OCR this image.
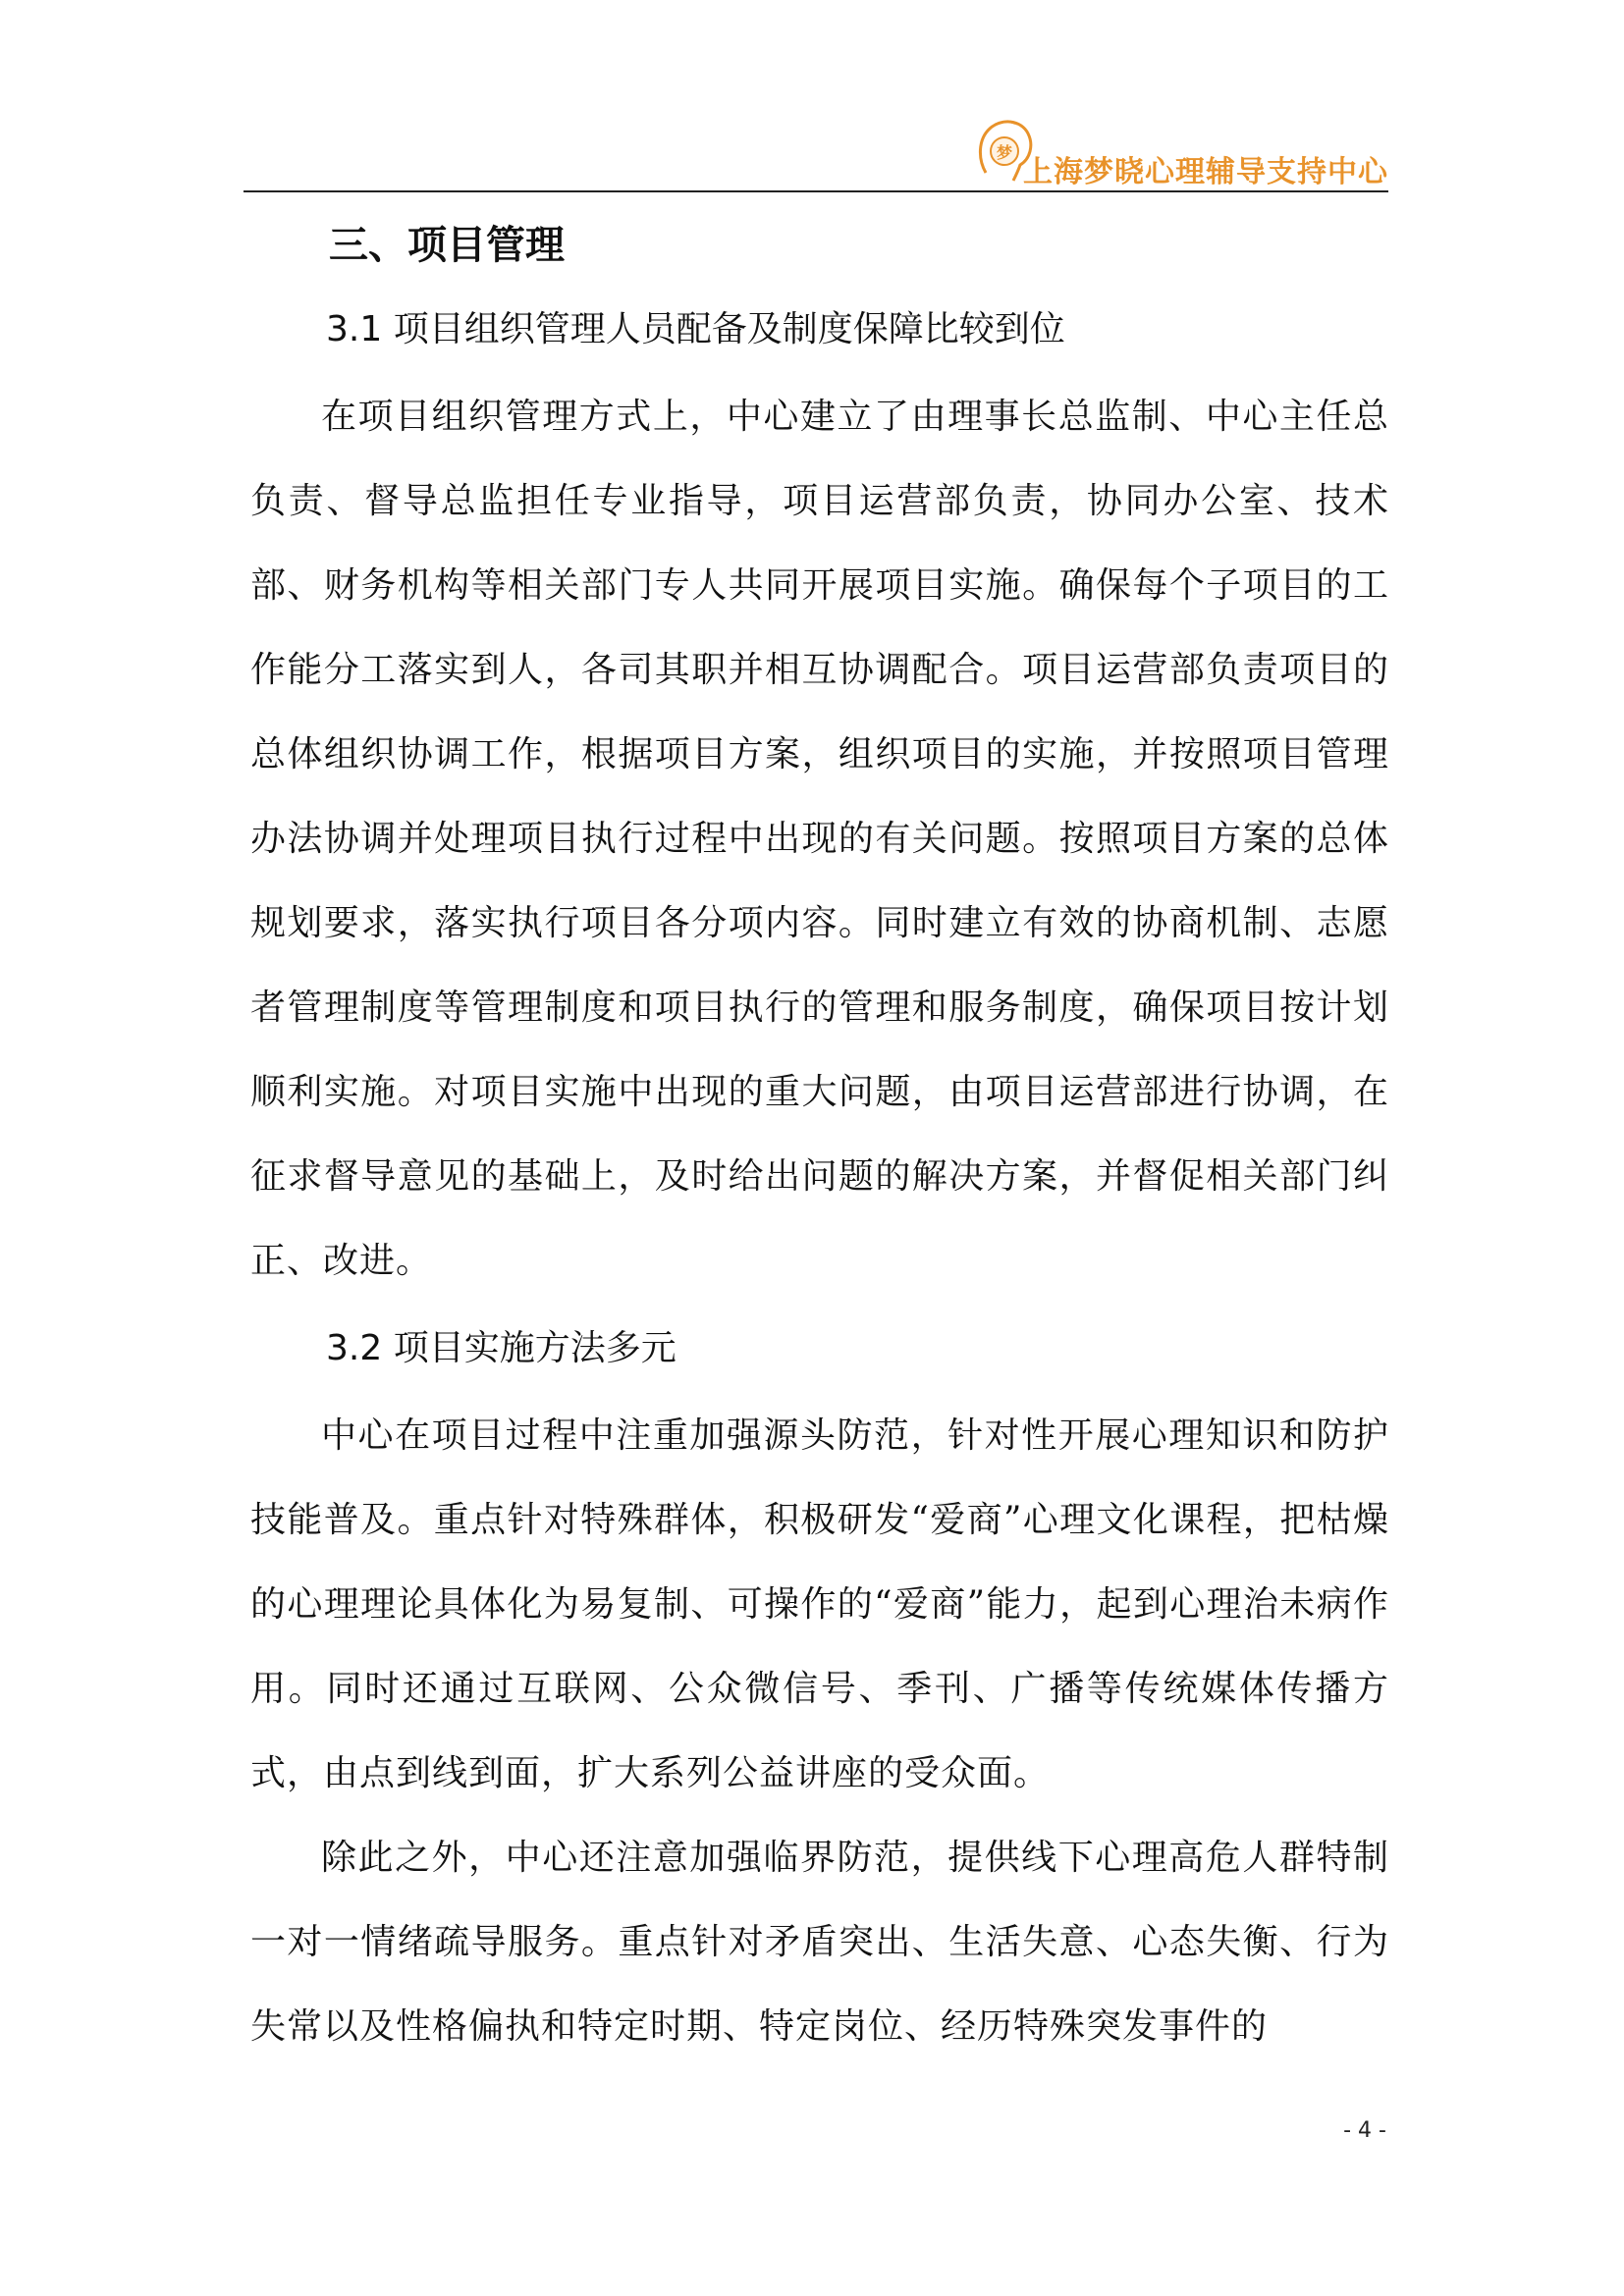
梦
上海梦晓心理辅导支持中心
三、项目管理
3.1 项目组织管理人员配备及制度保障比较到位

在项目组织管理方式上，中心建立了由理事长总监制、中心主任总负责、督导总监担任专业指导，项目运营部负责，协同办公室、技术部、财务机构等相关部门专人共同开展项目实施。确保每个子项目的工作能分工落实到人，各司其职并相互协调配合。项目运营部负责项目的总体组织协调工作，根据项目方案，组织项目的实施，并按照项目管理办法协调并处理项目执行过程中出现的有关问题。按照项目方案的总体规划要求，落实执行项目各分项内容。同时建立有效的协商机制、志愿者管理制度等管理制度和项目执行的管理和服务制度，确保项目按计划顺利实施。对项目实施中出现的重大问题，由项目运营部进行协调，在征求督导意见的基础上，及时给出问题的解决方案，并督促相关部门纠正、改进。

3.2 项目实施方法多元

中心在项目过程中注重加强源头防范，针对性开展心理知识和防护技能普及。重点针对特殊群体，积极研发“爱商”心理文化课程，把枯燥的心理理论具体化为易复制、可操作的“爱商”能力，起到心理治未病作用。同时还通过互联网、公众微信号、季刊、广播等传统媒体传播方式，由点到线到面，扩大系列公益讲座的受众面。

除此之外，中心还注意加强临界防范，提供线下心理高危人群特制一对一情绪疏导服务。重点针对矛盾突出、生活失意、心态失衡、行为失常以及性格偏执和特定时期、特定岗位、经历特殊突发事件的

- 4 -
